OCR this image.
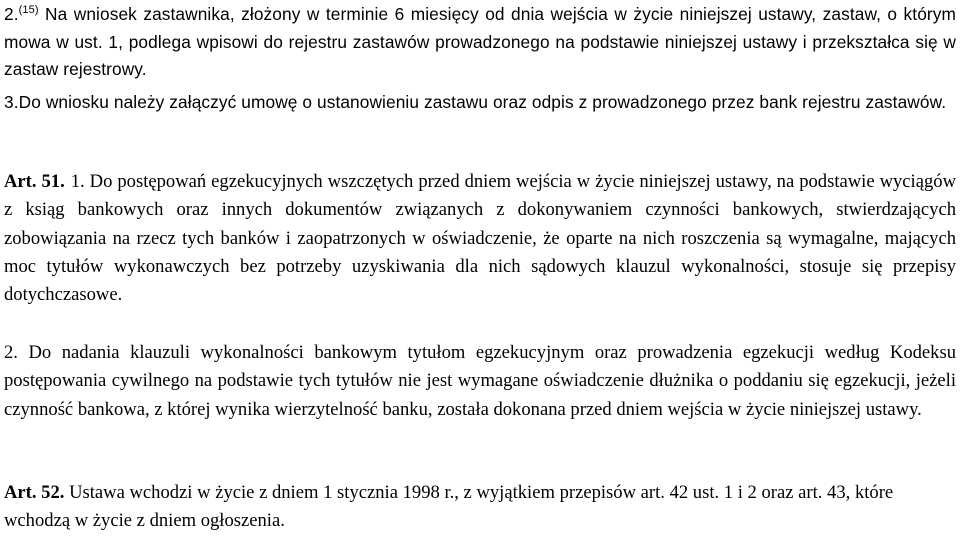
2.$^{(15)}$ Na wniosek zastawnika, złożony w terminie 6 miesięcy od dnia wejścia w życie niniejszej ustawy, zastaw, o którym mowa w ust. 1, podlega wpisowi do rejestru zastawów prowadzonego na podstawie niniejszej ustawy i przekształca się w zastaw rejestrowy.

3.Do wniosku należy załączyć umowę o ustanowieniu zastawu oraz odpis z prowadzonego przez bank rejestru zastawów.

Art. 51. 1. Do postępowań egzekucyjnych wszczętych przed dniem wejścia w życie niniejszej ustawy, na podstawie wyciągów z ksiąg bankowych oraz innych dokumentów związanych z dokonywaniem czynności bankowych, stwierdzających zobowiązania na rzecz tych banków i zaopatrzonych w oświadczenie, że oparte na nich roszczenia są wymagalne, mających moc tytułów wykonawczych bez potrzeby uzyskiwania dla nich sądowych klauzul wykonalności, stosuje się przepisy dotychczasowe.

2. Do nadania klauzuli wykonalności bankowym tytułom egzekucyjnym oraz prowadzenia egzekucji według Kodeksu postępowania cywilnego na podstawie tych tytułów nie jest wymagane oświadczenie dłużnika o poddaniu się egzekucji, jeżeli czynność bankowa, z której wynika wierzytelność banku, została dokonana przed dniem wejścia w życie niniejszej ustawy.

Art. 52. Ustawa wchodzi w życie z dniem 1 stycznia 1998 r., z wyjątkiem przepisów art. 42 ust. 1 i 2 oraz art. 43, które wchodzą w życie z dniem ogłoszenia.
